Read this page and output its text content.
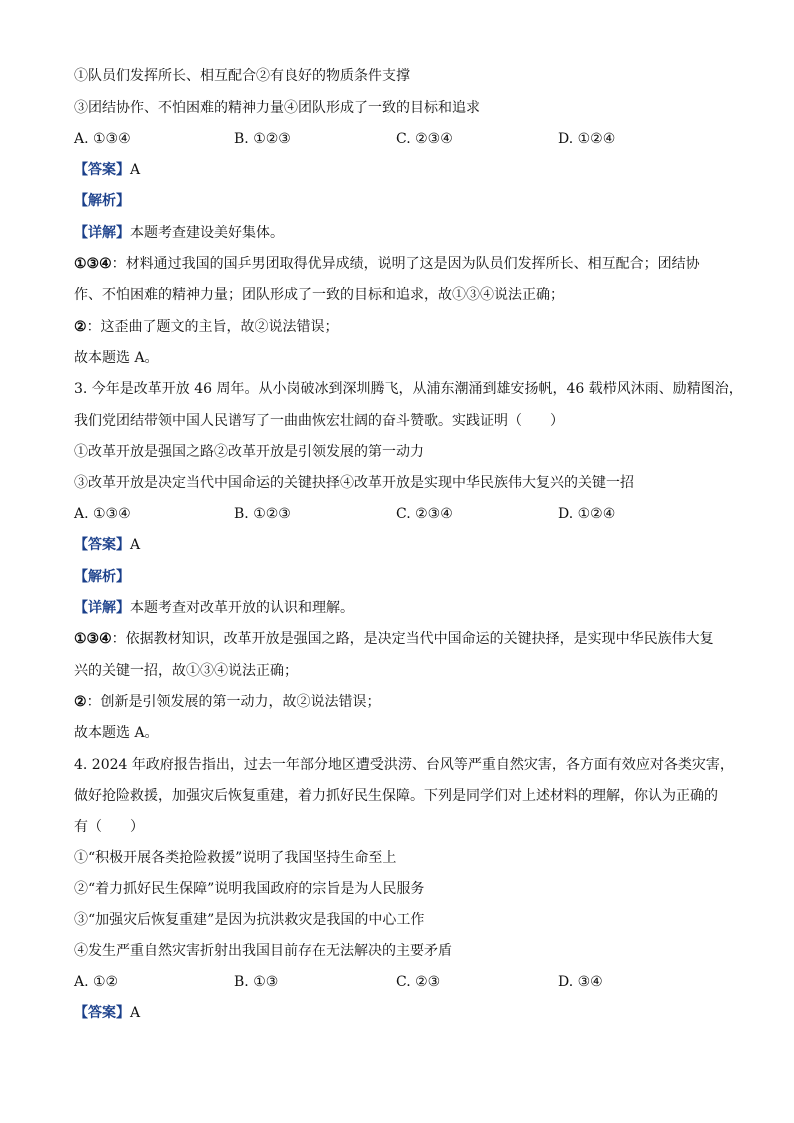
①队员们发挥所长、相互配合②有良好的物质条件支撑
③团结协作、不怕困难的精神力量④团队形成了一致的目标和追求
A. ①③④	B. ①②③	C. ②③④	D. ①②④
【答案】A
【解析】
【详解】本题考查建设美好集体。
①③④：材料通过我国的国乒男团取得优异成绩，说明了这是因为队员们发挥所长、相互配合；团结协
作、不怕困难的精神力量；团队形成了一致的目标和追求，故①③④说法正确；
②：这歪曲了题文的主旨，故②说法错误；
故本题选 A。
3. 今年是改革开放 46 周年。从小岗破冰到深圳腾飞，从浦东潮涌到雄安扬帆，46 载栉风沐雨、励精图治，
我们党团结带领中国人民谱写了一曲曲恢宏壮阔的奋斗赞歌。实践证明（　　）
①改革开放是强国之路②改革开放是引领发展的第一动力
③改革开放是决定当代中国命运的关键抉择④改革开放是实现中华民族伟大复兴的关键一招
A. ①③④	B. ①②③	C. ②③④	D. ①②④
【答案】A
【解析】
【详解】本题考查对改革开放的认识和理解。
①③④：依据教材知识，改革开放是强国之路，是决定当代中国命运的关键抉择，是实现中华民族伟大复
兴的关键一招，故①③④说法正确；
②：创新是引领发展的第一动力，故②说法错误；
故本题选 A。
4. 2024 年政府报告指出，过去一年部分地区遭受洪涝、台风等严重自然灾害，各方面有效应对各类灾害，
做好抢险救援，加强灾后恢复重建，着力抓好民生保障。下列是同学们对上述材料的理解，你认为正确的
有（　　）
①“积极开展各类抢险救援”说明了我国坚持生命至上
②“着力抓好民生保障”说明我国政府的宗旨是为人民服务
③“加强灾后恢复重建”是因为抗洪救灾是我国的中心工作
④发生严重自然灾害折射出我国目前存在无法解决的主要矛盾
A. ①②	B. ①③	C. ②③	D. ③④
【答案】A
